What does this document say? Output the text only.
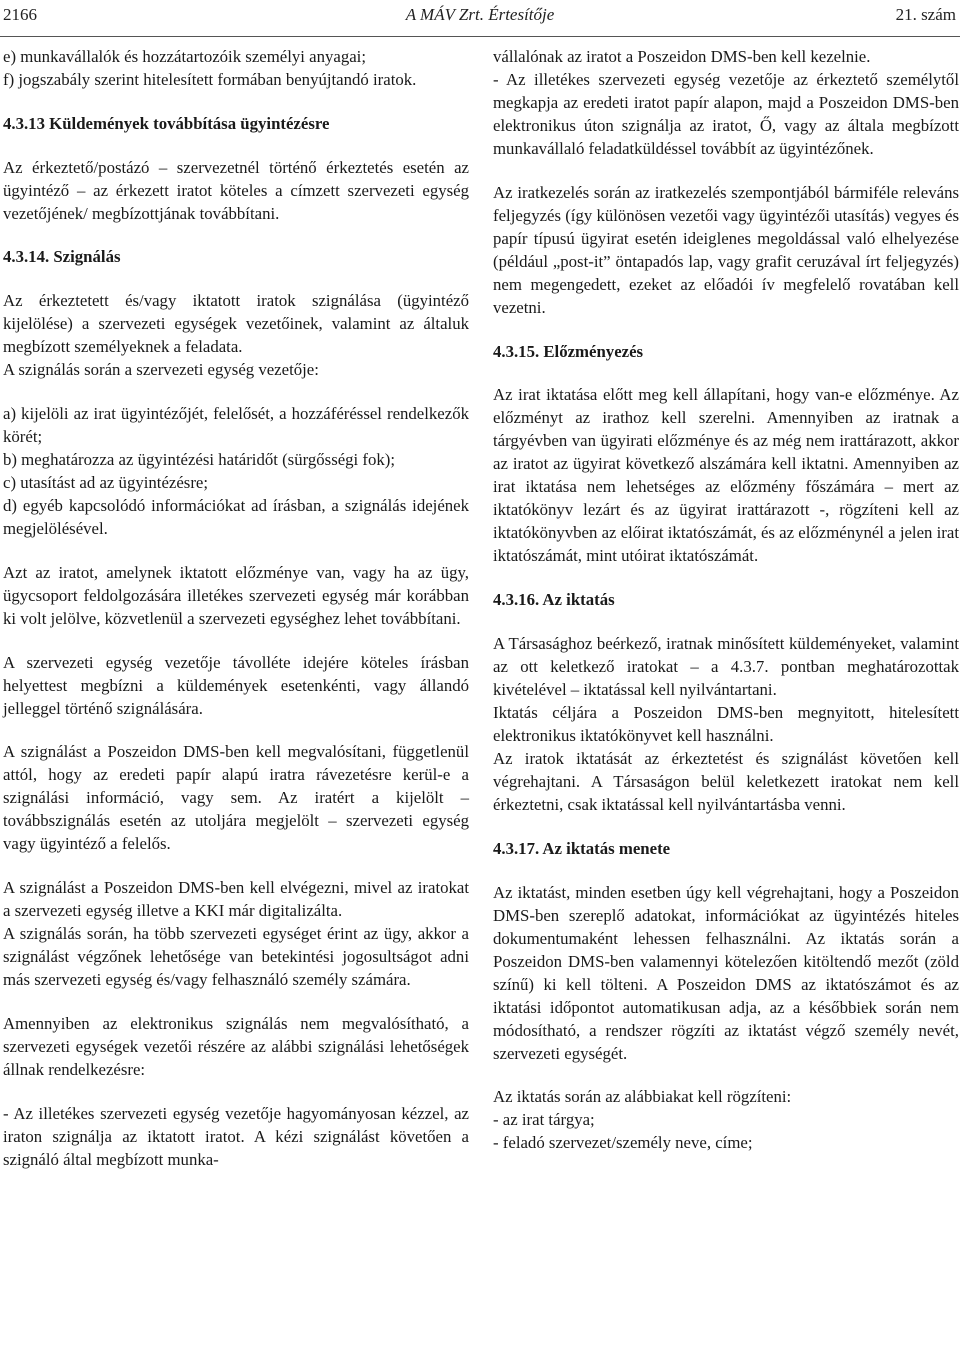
2166	A MÁV Zrt. Értesítője	21. szám

e) munkavállalók és hozzátartozóik személyi anyagai;

f) jogszabály szerint hitelesített formában benyújtandó iratok.

4.3.13 Küldemények továbbítása ügyintézésre

Az érkeztető/postázó – szervezetnél történő érkeztetés esetén az ügyintéző – az érkezett iratot köteles a címzett szervezeti egység vezetőjének/ megbízottjának továbbítani.

4.3.14. Szignálás

Az érkeztetett és/vagy iktatott iratok szignálása (ügyintéző kijelölése) a szervezeti egységek vezetőinek, valamint az általuk megbízott személyeknek a feladata.

A szignálás során a szervezeti egység vezetője:

a) kijelöli az irat ügyintézőjét, felelősét, a hozzáféréssel rendelkezők körét;

b) meghatározza az ügyintézési határidőt (sürgősségi fok);

c) utasítást ad az ügyintézésre;

d) egyéb kapcsolódó információkat ad írásban, a szignálás idejének megjelölésével.

Azt az iratot, amelynek iktatott előzménye van, vagy ha az ügy, ügycsoport feldolgozására illetékes szervezeti egység már korábban ki volt jelölve, közvetlenül a szervezeti egységhez lehet továbbítani.

A szervezeti egység vezetője távolléte idejére köteles írásban helyettest megbízni a küldemények esetenkénti, vagy állandó jelleggel történő szignálására.

A szignálást a Poszeidon DMS-ben kell megvalósítani, függetlenül attól, hogy az eredeti papír alapú iratra rávezetésre kerül-e a szignálási információ, vagy sem. Az iratért a kijelölt – továbbszignálás esetén az utoljára megjelölt – szervezeti egység vagy ügyintéző a felelős.

A szignálást a Poszeidon DMS-ben kell elvégezni, mivel az iratokat a szervezeti egység illetve a KKI már digitalizálta.

A szignálás során, ha több szervezeti egységet érint az ügy, akkor a szignálást végzőnek lehetősége van betekintési jogosultságot adni más szervezeti egység és/vagy felhasználó személy számára.

Amennyiben az elektronikus szignálás nem megvalósítható, a szervezeti egységek vezetői részére az alábbi szignálási lehetőségek állnak rendelkezésre:

- Az illetékes szervezeti egység vezetője hagyományosan kézzel, az iraton szignálja az iktatott iratot. A kézi szignálást követően a szignáló által megbízott munka-

vállalónak az iratot a Poszeidon DMS-ben kell kezelnie.

- Az illetékes szervezeti egység vezetője az érkeztető személytől megkapja az eredeti iratot papír alapon, majd a Poszeidon DMS-ben elektronikus úton szignálja az iratot, Ő, vagy az általa megbízott munkavállaló feladatküldéssel továbbít az ügyintézőnek.

Az iratkezelés során az iratkezelés szempontjából bármiféle releváns feljegyzés (így különösen vezetői vagy ügyintézői utasítás) vegyes és papír típusú ügyirat esetén ideiglenes megoldással való elhelyezése (például „post-it” öntapadós lap, vagy grafit ceruzával írt feljegyzés) nem megengedett, ezeket az előadói ív megfelelő rovatában kell vezetni.

4.3.15. Előzményezés

Az irat iktatása előtt meg kell állapítani, hogy van-e előzménye. Az előzményt az irathoz kell szerelni. Amennyiben az iratnak a tárgyévben van ügyirati előzménye és az még nem irattárazott, akkor az iratot az ügyirat következő alszámára kell iktatni. Amennyiben az irat iktatása nem lehetséges az előzmény főszámára – mert az iktatókönyv lezárt és az ügyirat irattárazott -, rögzíteni kell az iktatókönyvben az előirat iktatószámát, és az előzménynél a jelen irat iktatószámát, mint utóirat iktatószámát.

4.3.16. Az iktatás

A Társasághoz beérkező, iratnak minősített küldeményeket, valamint az ott keletkező iratokat – a 4.3.7. pontban meghatározottak kivételével – iktatással kell nyilvántartani.

Iktatás céljára a Poszeidon DMS-ben megnyitott, hitelesített elektronikus iktatókönyvet kell használni.

Az iratok iktatását az érkeztetést és szignálást követően kell végrehajtani. A Társaságon belül keletkezett iratokat nem kell érkeztetni, csak iktatással kell nyilvántartásba venni.

4.3.17. Az iktatás menete

Az iktatást, minden esetben úgy kell végrehajtani, hogy a Poszeidon DMS-ben szereplő adatokat, információkat az ügyintézés hiteles dokumentumaként lehessen felhasználni. Az iktatás során a Poszeidon DMS-ben valamennyi kötelezően kitöltendő mezőt (zöld színű) ki kell tölteni. A Poszeidon DMS az iktatószámot és az iktatási időpontot automatikusan adja, az a későbbiek során nem módosítható, a rendszer rögzíti az iktatást végző személy nevét, szervezeti egységét.

Az iktatás során az alábbiakat kell rögzíteni:

- az irat tárgya;

- feladó szervezet/személy neve, címe;
